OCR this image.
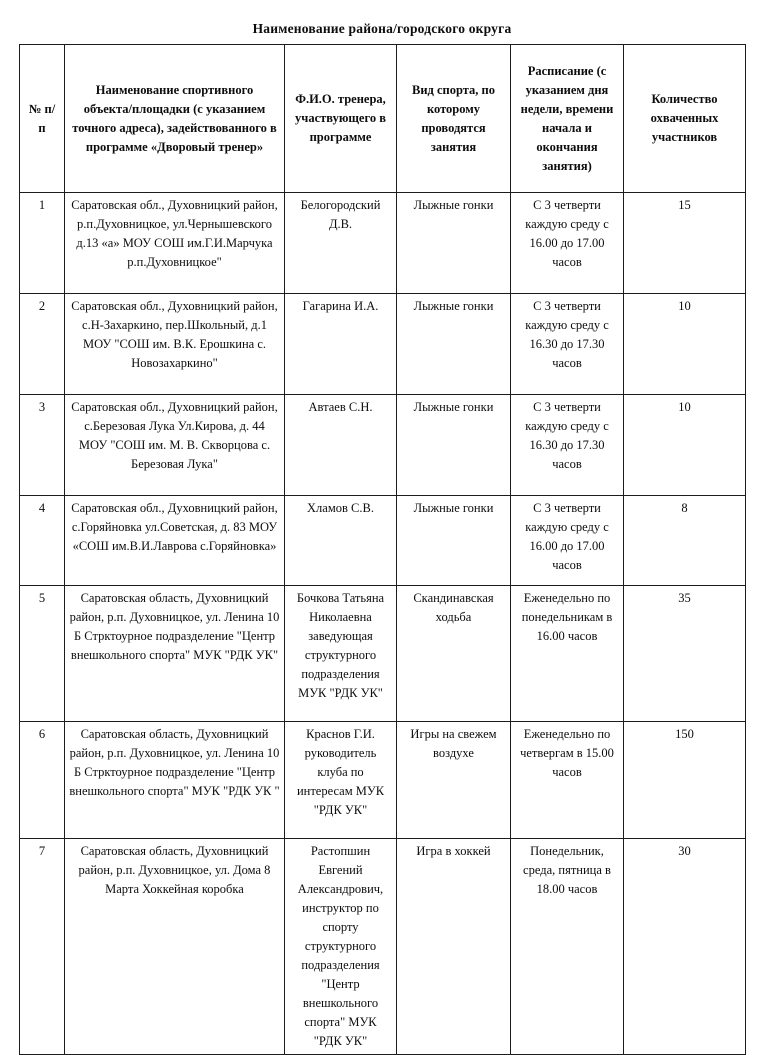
Наименование района/городского округа
№ п/п	Наименование спортивного объекта/площадки (с указанием точного адреса), задействованного в программе «Дворовый тренер»	Ф.И.О. тренера, участвующего в программе	Вид спорта, по которому проводятся занятия	Расписание (с указанием дня недели, времени начала и окончания занятия)	Количество охваченных участников
1	Саратовская обл., Духовницкий район, р.п.Духовницкое, ул.Чернышевского д.13 «а» МОУ СОШ им.Г.И.Марчука р.п.Духовницкое"	Белогородский Д.В.	Лыжные гонки	С 3 четверти каждую среду с 16.00 до 17.00 часов	15
2	Саратовская обл., Духовницкий район, с.Н-Захаркино, пер.Школьный, д.1 МОУ "СОШ им. В.К. Ерошкина с. Новозахаркино"	Гагарина И.А.	Лыжные гонки	С 3 четверти каждую среду с 16.30 до 17.30 часов	10
3	Саратовская обл., Духовницкий район, с.Березовая Лука Ул.Кирова, д. 44 МОУ "СОШ им. М. В. Скворцова с. Березовая Лука"	Автаев С.Н.	Лыжные гонки	С 3 четверти каждую среду с 16.30 до 17.30 часов	10
4	Саратовская обл., Духовницкий район, с.Горяйновка ул.Советская, д. 83 МОУ «СОШ им.В.И.Лаврова с.Горяйновка»	Хламов С.В.	Лыжные гонки	С 3 четверти каждую среду с 16.00 до 17.00 часов	8
5	Саратовская область, Духовницкий район, р.п. Духовницкое, ул. Ленина 10 Б Стрктоурное подразделение "Центр внешкольного спорта" МУК "РДК УК"	Бочкова Татьяна Николаевна заведующая структурного подразделения МУК "РДК УК"	Скандинавская ходьба	Еженедельно по понедельникам в 16.00 часов	35
6	Саратовская область, Духовницкий район, р.п. Духовницкое, ул. Ленина 10 Б Стрктоурное подразделение "Центр внешкольного спорта" МУК "РДК УК "	Краснов Г.И. руководитель клуба по интересам МУК "РДК УК"	Игры на свежем воздухе	Еженедельно по четвергам в 15.00 часов	150
7	Саратовская область, Духовницкий район, р.п. Духовницкое, ул. Дома 8 Марта Хоккейная коробка	Растопшин Евгений Александрович, инструктор по спорту структурного подразделения "Центр внешкольного спорта" МУК "РДК УК"	Игра в хоккей	Понедельник, среда, пятница в 18.00 часов	30
